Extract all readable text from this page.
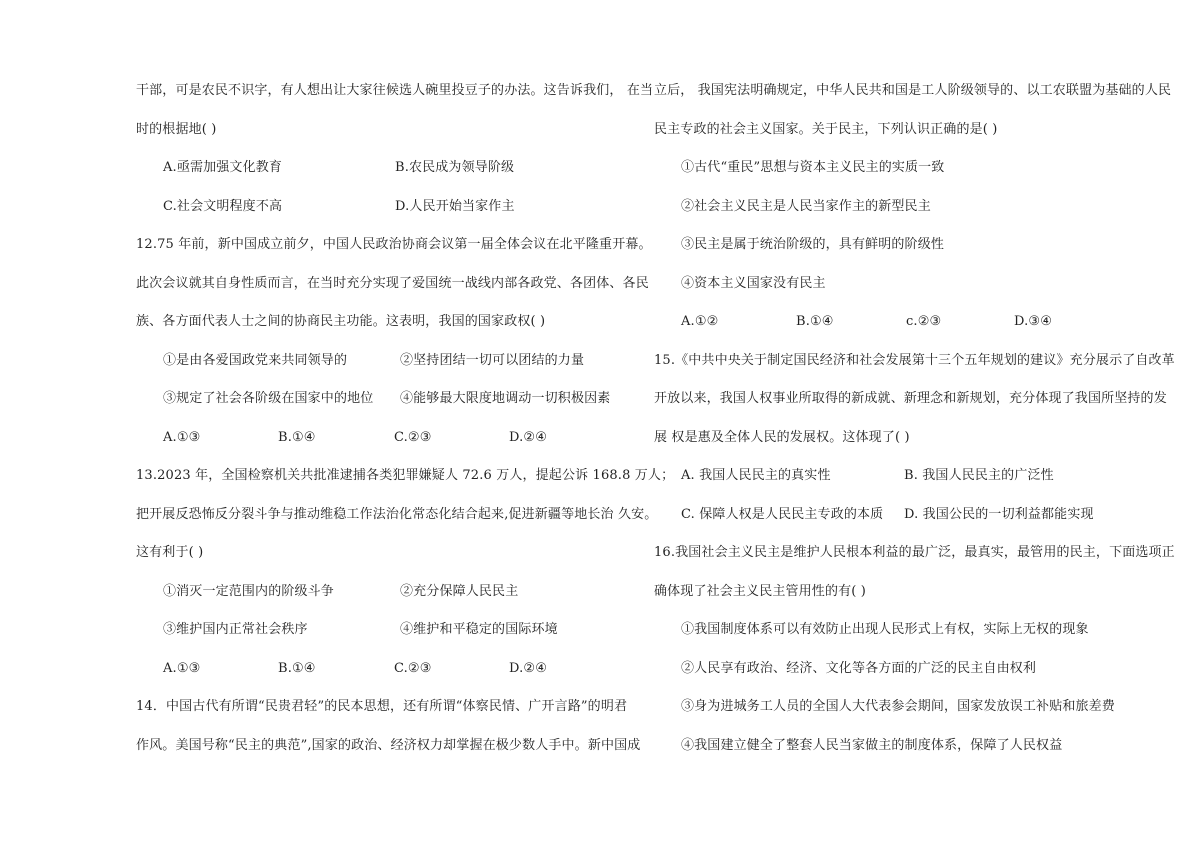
干部，可是农民不识字，有人想出让大家往候选人碗里投豆子的办法。这告诉我们， 在当
时的根据地( )
A.亟需加强文化教育	B.农民成为领导阶级
C.社会文明程度不高	D.人民开始当家作主
12.75 年前，新中国成立前夕，中国人民政治协商会议第一届全体会议在北平隆重开幕。
此次会议就其自身性质而言，在当时充分实现了爱国统一战线内部各政党、各团体、各民
族、各方面代表人士之间的协商民主功能。这表明，我国的国家政权( )
①是由各爱国政党来共同领导的	②坚持团结一切可以团结的力量
③规定了社会各阶级在国家中的地位 ④能够最大限度地调动一切积极因素
A.①③	B.①④	C.②③	D.②④
13.2023 年，全国检察机关共批准逮捕各类犯罪嫌疑人 72.6 万人，提起公诉 168.8 万人；
把开展反恐怖反分裂斗争与推动维稳工作法治化常态化结合起来,促进新疆等地长治 久安。
这有利于( )
①消灭一定范围内的阶级斗争	②充分保障人民民主
③维护国内正常社会秩序	④维护和平稳定的国际环境
A.①③	B.①④	C.②③	D.②④
14．中国古代有所谓“民贵君轻”的民本思想，还有所谓“体察民情、广开言路”的明君
作风。美国号称“民主的典范”,国家的政治、经济权力却掌握在极少数人手中。新中国成
立后， 我国宪法明确规定，中华人民共和国是工人阶级领导的、以工农联盟为基础的人民
民主专政的社会主义国家。关于民主，下列认识正确的是( )
①古代“重民”思想与资本主义民主的实质一致
②社会主义民主是人民当家作主的新型民主
③民主是属于统治阶级的，具有鲜明的阶级性
④资本主义国家没有民主
A.①②	B.①④	c.②③	D.③④
15.《中共中央关于制定国民经济和社会发展第十三个五年规划的建议》充分展示了自改革
开放以来，我国人权事业所取得的新成就、新理念和新规划，充分体现了我国所坚持的发
展 权是惠及全体人民的发展权。这体现了( )
A. 我国人民民主的真实性	B. 我国人民民主的广泛性
C. 保障人权是人民民主专政的本质 D. 我国公民的一切利益都能实现
16.我国社会主义民主是维护人民根本利益的最广泛，最真实，最管用的民主，下面选项正
确体现了社会主义民主管用性的有( )
①我国制度体系可以有效防止出现人民形式上有权，实际上无权的现象
②人民享有政治、经济、文化等各方面的广泛的民主自由权利
③身为进城务工人员的全国人大代表参会期间，国家发放误工补贴和旅差费
④我国建立健全了整套人民当家做主的制度体系，保障了人民权益
